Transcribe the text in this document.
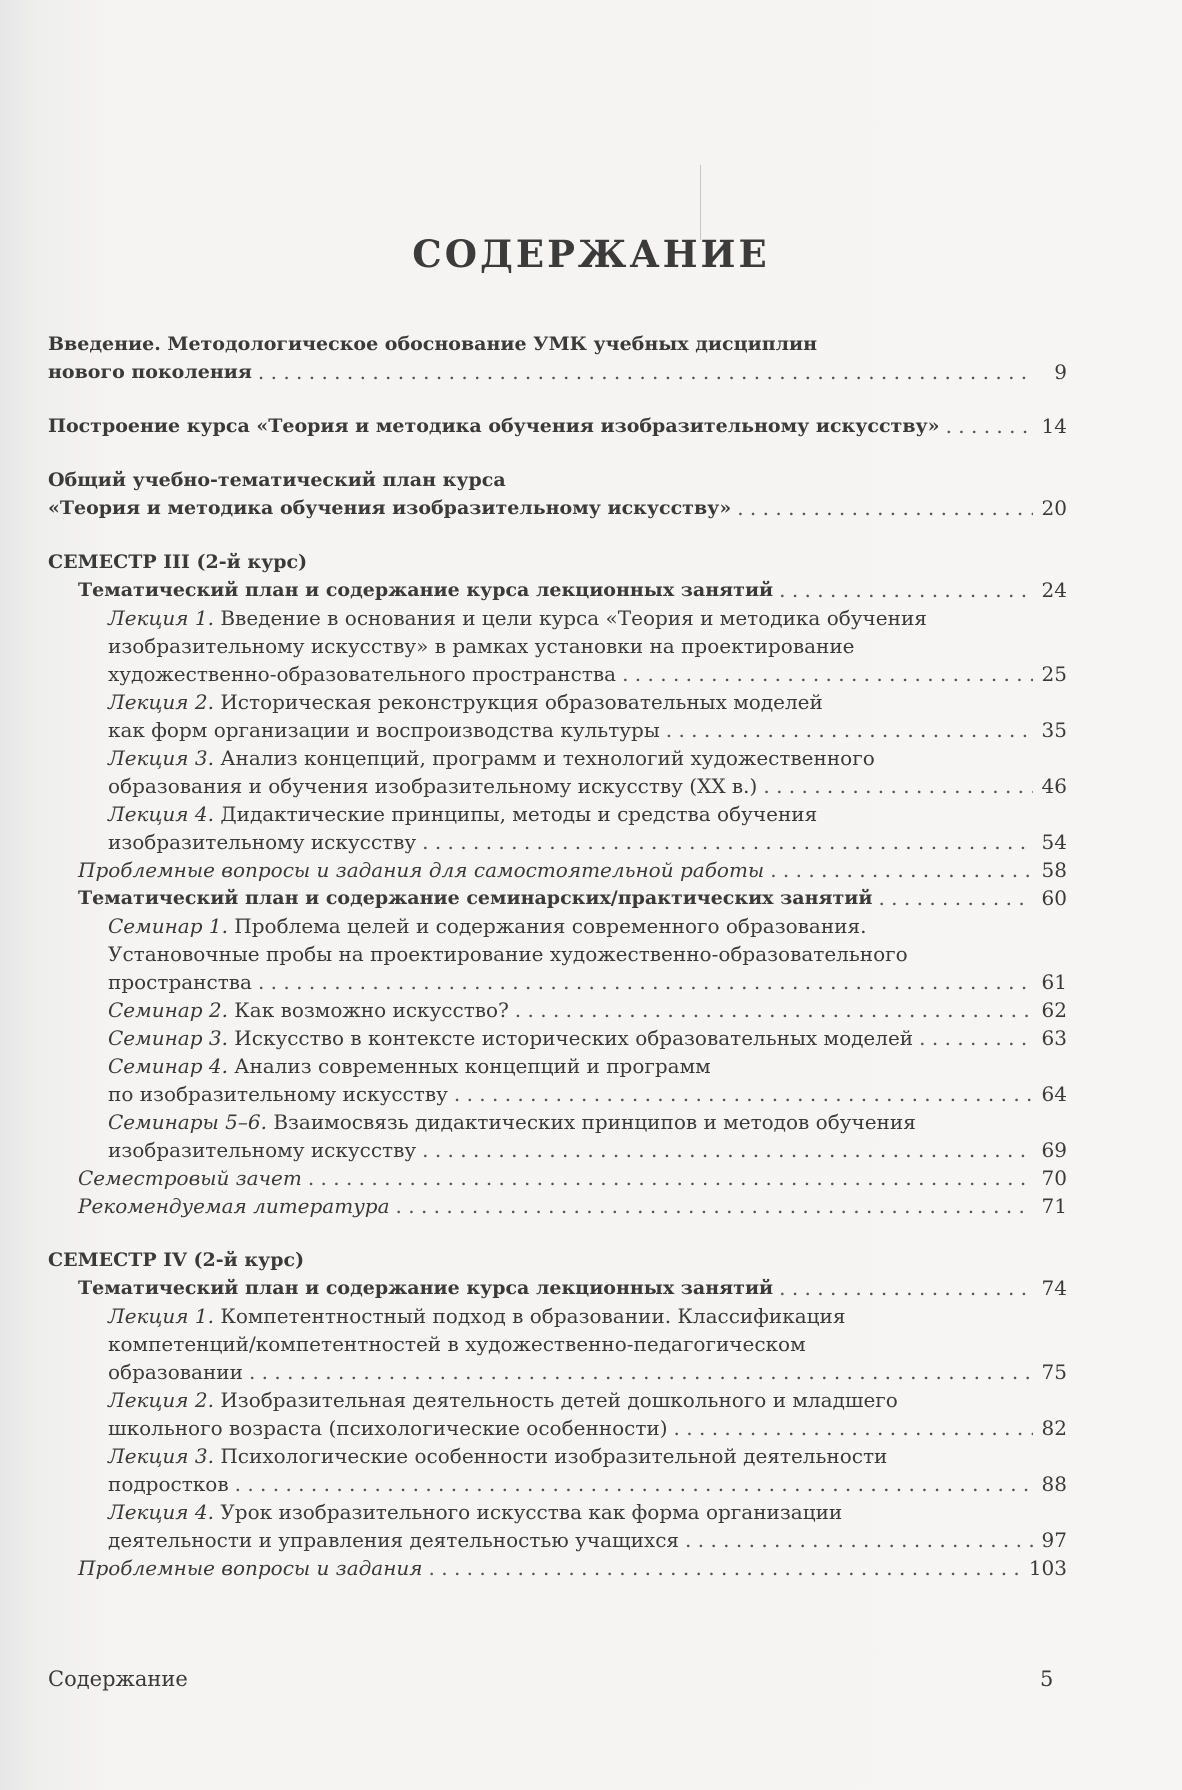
СОДЕРЖАНИЕ
Введение. Методологическое обоснование УМК учебных дисциплин
нового поколения . . .	9
Построение курса «Теория и методика обучения изобразительному искусству» . . .	14
Общий учебно-тематический план курса
«Теория и методика обучения изобразительному искусству» . . .	20
СЕМЕСТР III (2-й курс)
Тематический план и содержание курса лекционных занятий . . .	24
Лекция 1. Введение в основания и цели курса «Теория и методика обучения
изобразительному искусству» в рамках установки на проектирование
художественно-образовательного пространства . . .	25
Лекция 2. Историческая реконструкция образовательных моделей
как форм организации и воспроизводства культуры . . .	35
Лекция 3. Анализ концепций, программ и технологий художественного
образования и обучения изобразительному искусству (XX в.) . . .	46
Лекция 4. Дидактические принципы, методы и средства обучения
изобразительному искусству . . .	54
Проблемные вопросы и задания для самостоятельной работы . . .	58
Тематический план и содержание семинарских/практических занятий . . .	60
Семинар 1. Проблема целей и содержания современного образования.
Установочные пробы на проектирование художественно-образовательного
пространства . . .	61
Семинар 2. Как возможно искусство? . . .	62
Семинар 3. Искусство в контексте исторических образовательных моделей . . .	63
Семинар 4. Анализ современных концепций и программ
по изобразительному искусству . . .	64
Семинары 5–6. Взаимосвязь дидактических принципов и методов обучения
изобразительному искусству . . .	69
Семестровый зачет . . .	70
Рекомендуемая литература . . .	71
СЕМЕСТР IV (2-й курс)
Тематический план и содержание курса лекционных занятий . . .	74
Лекция 1. Компетентностный подход в образовании. Классификация
компетенций/компетентностей в художественно-педагогическом
образовании . . .	75
Лекция 2. Изобразительная деятельность детей дошкольного и младшего
школьного возраста (психологические особенности) . . .	82
Лекция 3. Психологические особенности изобразительной деятельности
подростков . . .	88
Лекция 4. Урок изобразительного искусства как форма организации
деятельности и управления деятельностью учащихся . . .	97
Проблемные вопросы и задания . . .	103
Содержание	5
